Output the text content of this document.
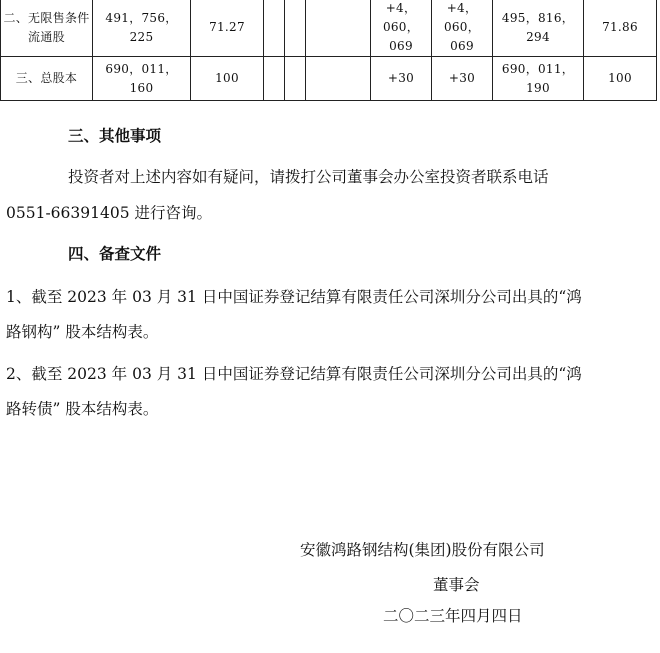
二、无限售条件流通股	491，756，225	71.27				+4，060，069	+4，060，069	495，816，294	71.86
三、总股本	690，011，160	100				+30	+30	690，011，190	100

三、其他事项

投资者对上述内容如有疑问，请拨打公司董事会办公室投资者联系电话

0551-66391405 进行咨询。

四、备查文件

1、截至 2023 年 03 月 31 日中国证券登记结算有限责任公司深圳分公司出具的“鸿

路钢构” 股本结构表。

2、截至 2023 年 03 月 31 日中国证券登记结算有限责任公司深圳分公司出具的“鸿

路转债” 股本结构表。

安徽鸿路钢结构(集团)股份有限公司
董事会
二〇二三年四月四日
